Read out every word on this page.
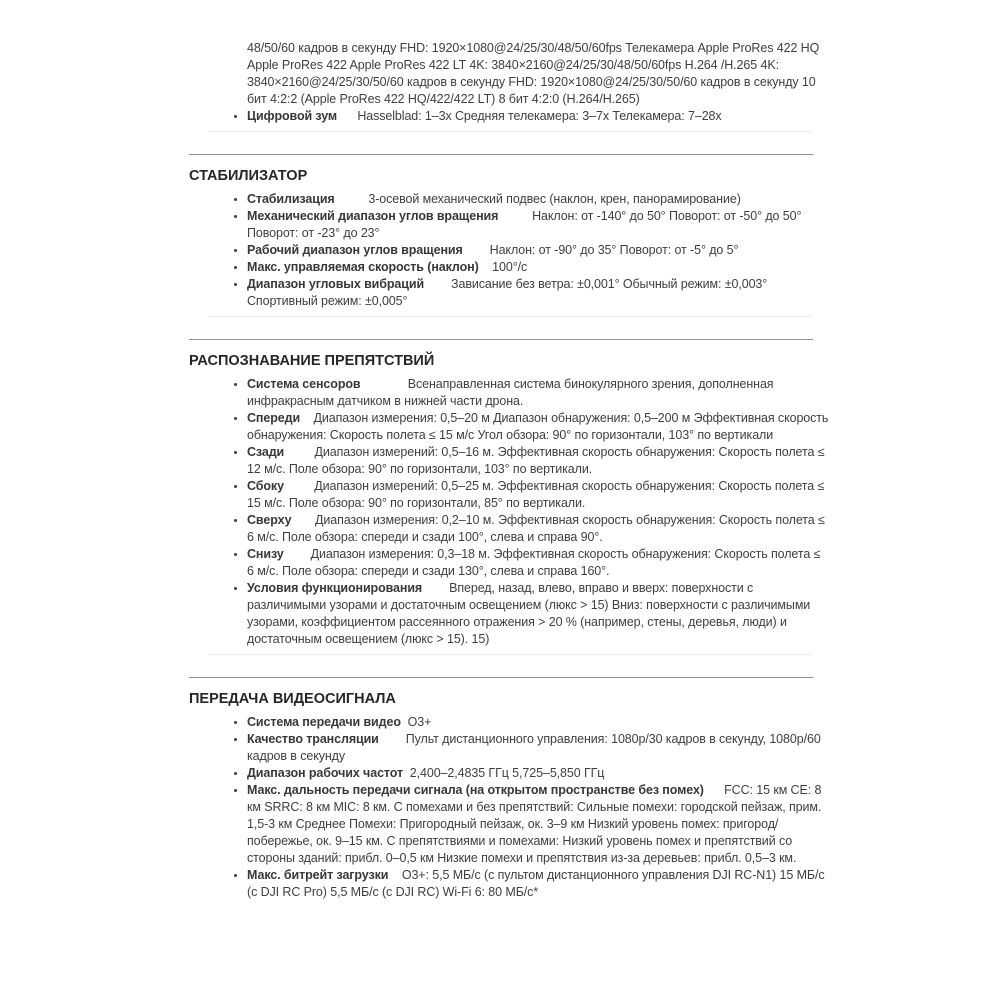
48/50/60 кадров в секунду FHD: 1920×1080@24/25/30/48/50/60fps Телекамера Apple ProRes 422 HQ Apple ProRes 422 Apple ProRes 422 LT 4K: 3840×2160@24/25/30/48/50/60fps H.264 /H.265 4K: 3840×2160@24/25/30/50/60 кадров в секунду FHD: 1920×1080@24/25/30/50/60 кадров в секунду 10 бит 4:2:2 (Apple ProRes 422 HQ/422/422 LT) 8 бит 4:2:0 (H.264/H.265)

• Цифровой зум      Hasselblad: 1–3x Средняя телекамера: 3–7x Телекамера: 7–28x
СТАБИЛИЗАТОР
• Стабилизация          3-осевой механический подвес (наклон, крен, панорамирование)
• Механический диапазон углов вращения          Наклон: от -140° до 50° Поворот: от -50° до 50° Поворот: от -23° до 23°
• Рабочий диапазон углов вращения        Наклон: от -90° до 35° Поворот: от -5° до 5°
• Макс. управляемая скорость (наклон)    100°/с
• Диапазон угловых вибраций        Зависание без ветра: ±0,001° Обычный режим: ±0,003° Спортивный режим: ±0,005°
РАСПОЗНАВАНИЕ ПРЕПЯТСТВИЙ
• Система сенсоров              Всенаправленная система бинокулярного зрения, дополненная инфракрасным датчиком в нижней части дрона.
• Спереди    Диапазон измерения: 0,5–20 м Диапазон обнаружения: 0,5–200 м Эффективная скорость обнаружения: Скорость полета ≤ 15 м/с Угол обзора: 90° по горизонтали, 103° по вертикали
• Сзади         Диапазон измерений: 0,5–16 м. Эффективная скорость обнаружения: Скорость полета ≤ 12 м/с. Поле обзора: 90° по горизонтали, 103° по вертикали.
• Сбоку         Диапазон измерений: 0,5–25 м. Эффективная скорость обнаружения: Скорость полета ≤ 15 м/с. Поле обзора: 90° по горизонтали, 85° по вертикали.
• Сверху       Диапазон измерения: 0,2–10 м. Эффективная скорость обнаружения: Скорость полета ≤ 6 м/с. Поле обзора: спереди и сзади 100°, слева и справа 90°.
• Снизу        Диапазон измерения: 0,3–18 м. Эффективная скорость обнаружения: Скорость полета ≤ 6 м/с. Поле обзора: спереди и сзади 130°, слева и справа 160°.
• Условия функционирования        Вперед, назад, влево, вправо и вверх: поверхности с различимыми узорами и достаточным освещением (люкс > 15) Вниз: поверхности с различимыми узорами, коэффициентом рассеянного отражения > 20 % (например, стены, деревья, люди) и достаточным освещением (люкс > 15). 15)
ПЕРЕДАЧА ВИДЕОСИГНАЛА
• Система передачи видео  O3+
• Качество трансляции        Пульт дистанционного управления: 1080p/30 кадров в секунду, 1080p/60 кадров в секунду
• Диапазон рабочих частот  2,400–2,4835 ГГц 5,725–5,850 ГГц
• Макс. дальность передачи сигнала (на открытом пространстве без помех)      FCC: 15 км CE: 8 км SRRC: 8 км MIC: 8 км. С помехами и без препятствий: Сильные помехи: городской пейзаж, прим. 1,5-3 км Среднее Помехи: Пригородный пейзаж, ок. 3–9 км Низкий уровень помех: пригород/побережье, ок. 9–15 км. С препятствиями и помехами: Низкий уровень помех и препятствий со стороны зданий: прибл. 0–0,5 км Низкие помехи и препятствия из-за деревьев: прибл. 0,5–3 км.
• Макс. битрейт загрузки    O3+: 5,5 МБ/с (с пультом дистанционного управления DJI RC-N1) 15 МБ/с (с DJI RC Pro) 5,5 МБ/с (с DJI RC) Wi-Fi 6: 80 МБ/с*
